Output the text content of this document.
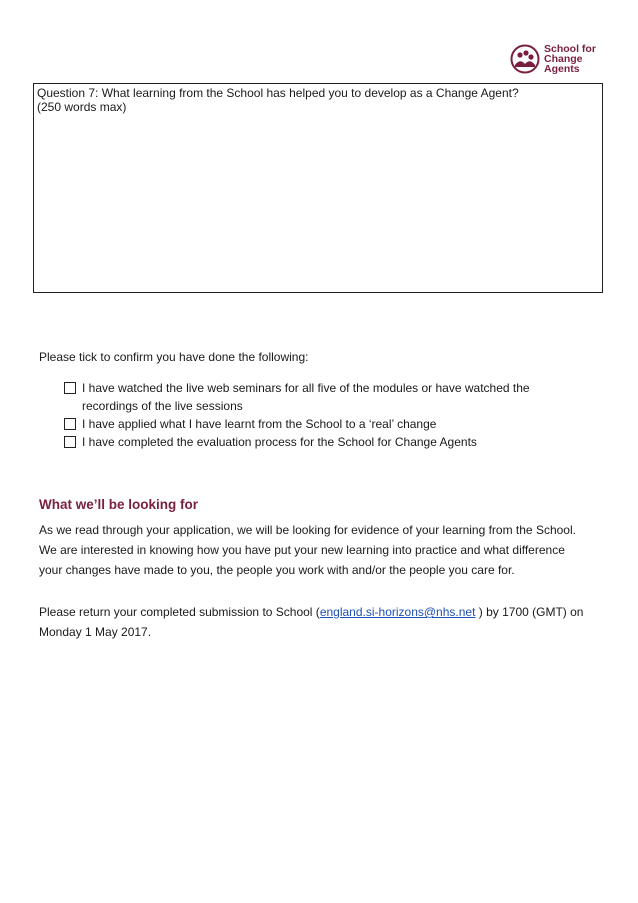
School for
Change
Agents
Question 7: What learning from the School has helped you to develop as a Change Agent?
(250 words max)
Please tick to confirm you have done the following:
I have watched the live web seminars for all five of the modules or have watched the recordings of the live sessions
I have applied what I have learnt from the School to a ‘real’ change
I have completed the evaluation process for the School for Change Agents
What we’ll be looking for

As we read through your application, we will be looking for evidence of your learning from the School. We are interested in knowing how you have put your new learning into practice and what difference your changes have made to you, the people you work with and/or the people you care for.

Please return your completed submission to School (england.si-horizons@nhs.net ) by 1700 (GMT) on Monday 1 May 2017.
